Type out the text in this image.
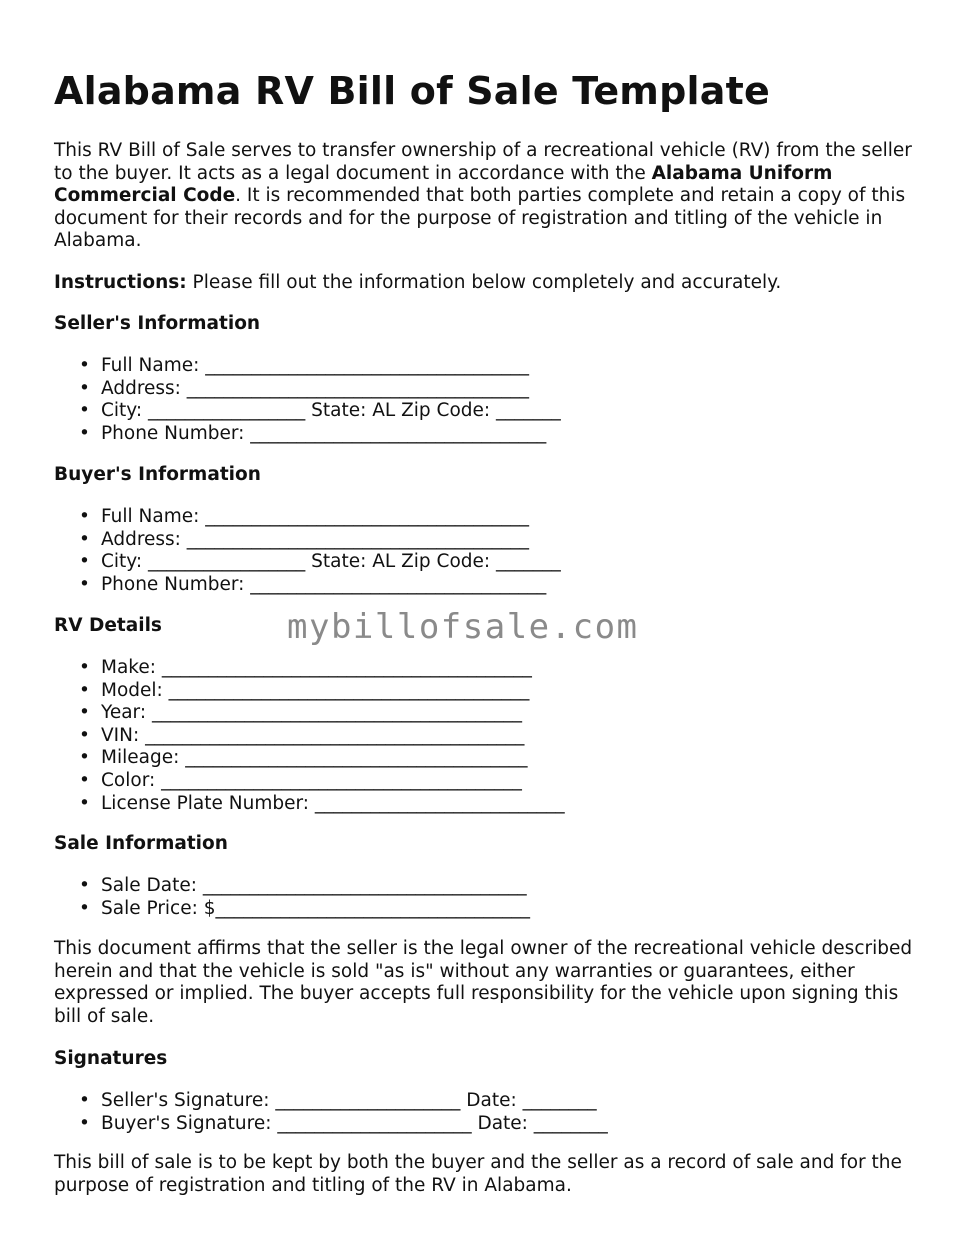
Alabama RV Bill of Sale Template

This RV Bill of Sale serves to transfer ownership of a recreational vehicle (RV) from the seller to the buyer. It acts as a legal document in accordance with the Alabama Uniform Commercial Code. It is recommended that both parties complete and retain a copy of this document for their records and for the purpose of registration and titling of the vehicle in Alabama.

Instructions: Please fill out the information below completely and accurately.

Seller's Information
• Full Name: ___________________________________
• Address: _____________________________________
• City: _________________ State: AL Zip Code: _______
• Phone Number: ________________________________
Buyer's Information
• Full Name: ___________________________________
• Address: _____________________________________
• City: _________________ State: AL Zip Code: _______
• Phone Number: ________________________________
RV Details
• Make: ________________________________________
• Model: _______________________________________
• Year: ________________________________________
• VIN: _________________________________________
• Mileage: _____________________________________
• Color: _______________________________________
• License Plate Number: ___________________________
Sale Information
• Sale Date: ___________________________________
• Sale Price: $__________________________________

This document affirms that the seller is the legal owner of the recreational vehicle described herein and that the vehicle is sold "as is" without any warranties or guarantees, either expressed or implied. The buyer accepts full responsibility for the vehicle upon signing this bill of sale.

Signatures
• Seller's Signature: ____________________ Date: ________
• Buyer's Signature: _____________________ Date: ________

This bill of sale is to be kept by both the buyer and the seller as a record of sale and for the purpose of registration and titling of the RV in Alabama.

mybillofsale.com
